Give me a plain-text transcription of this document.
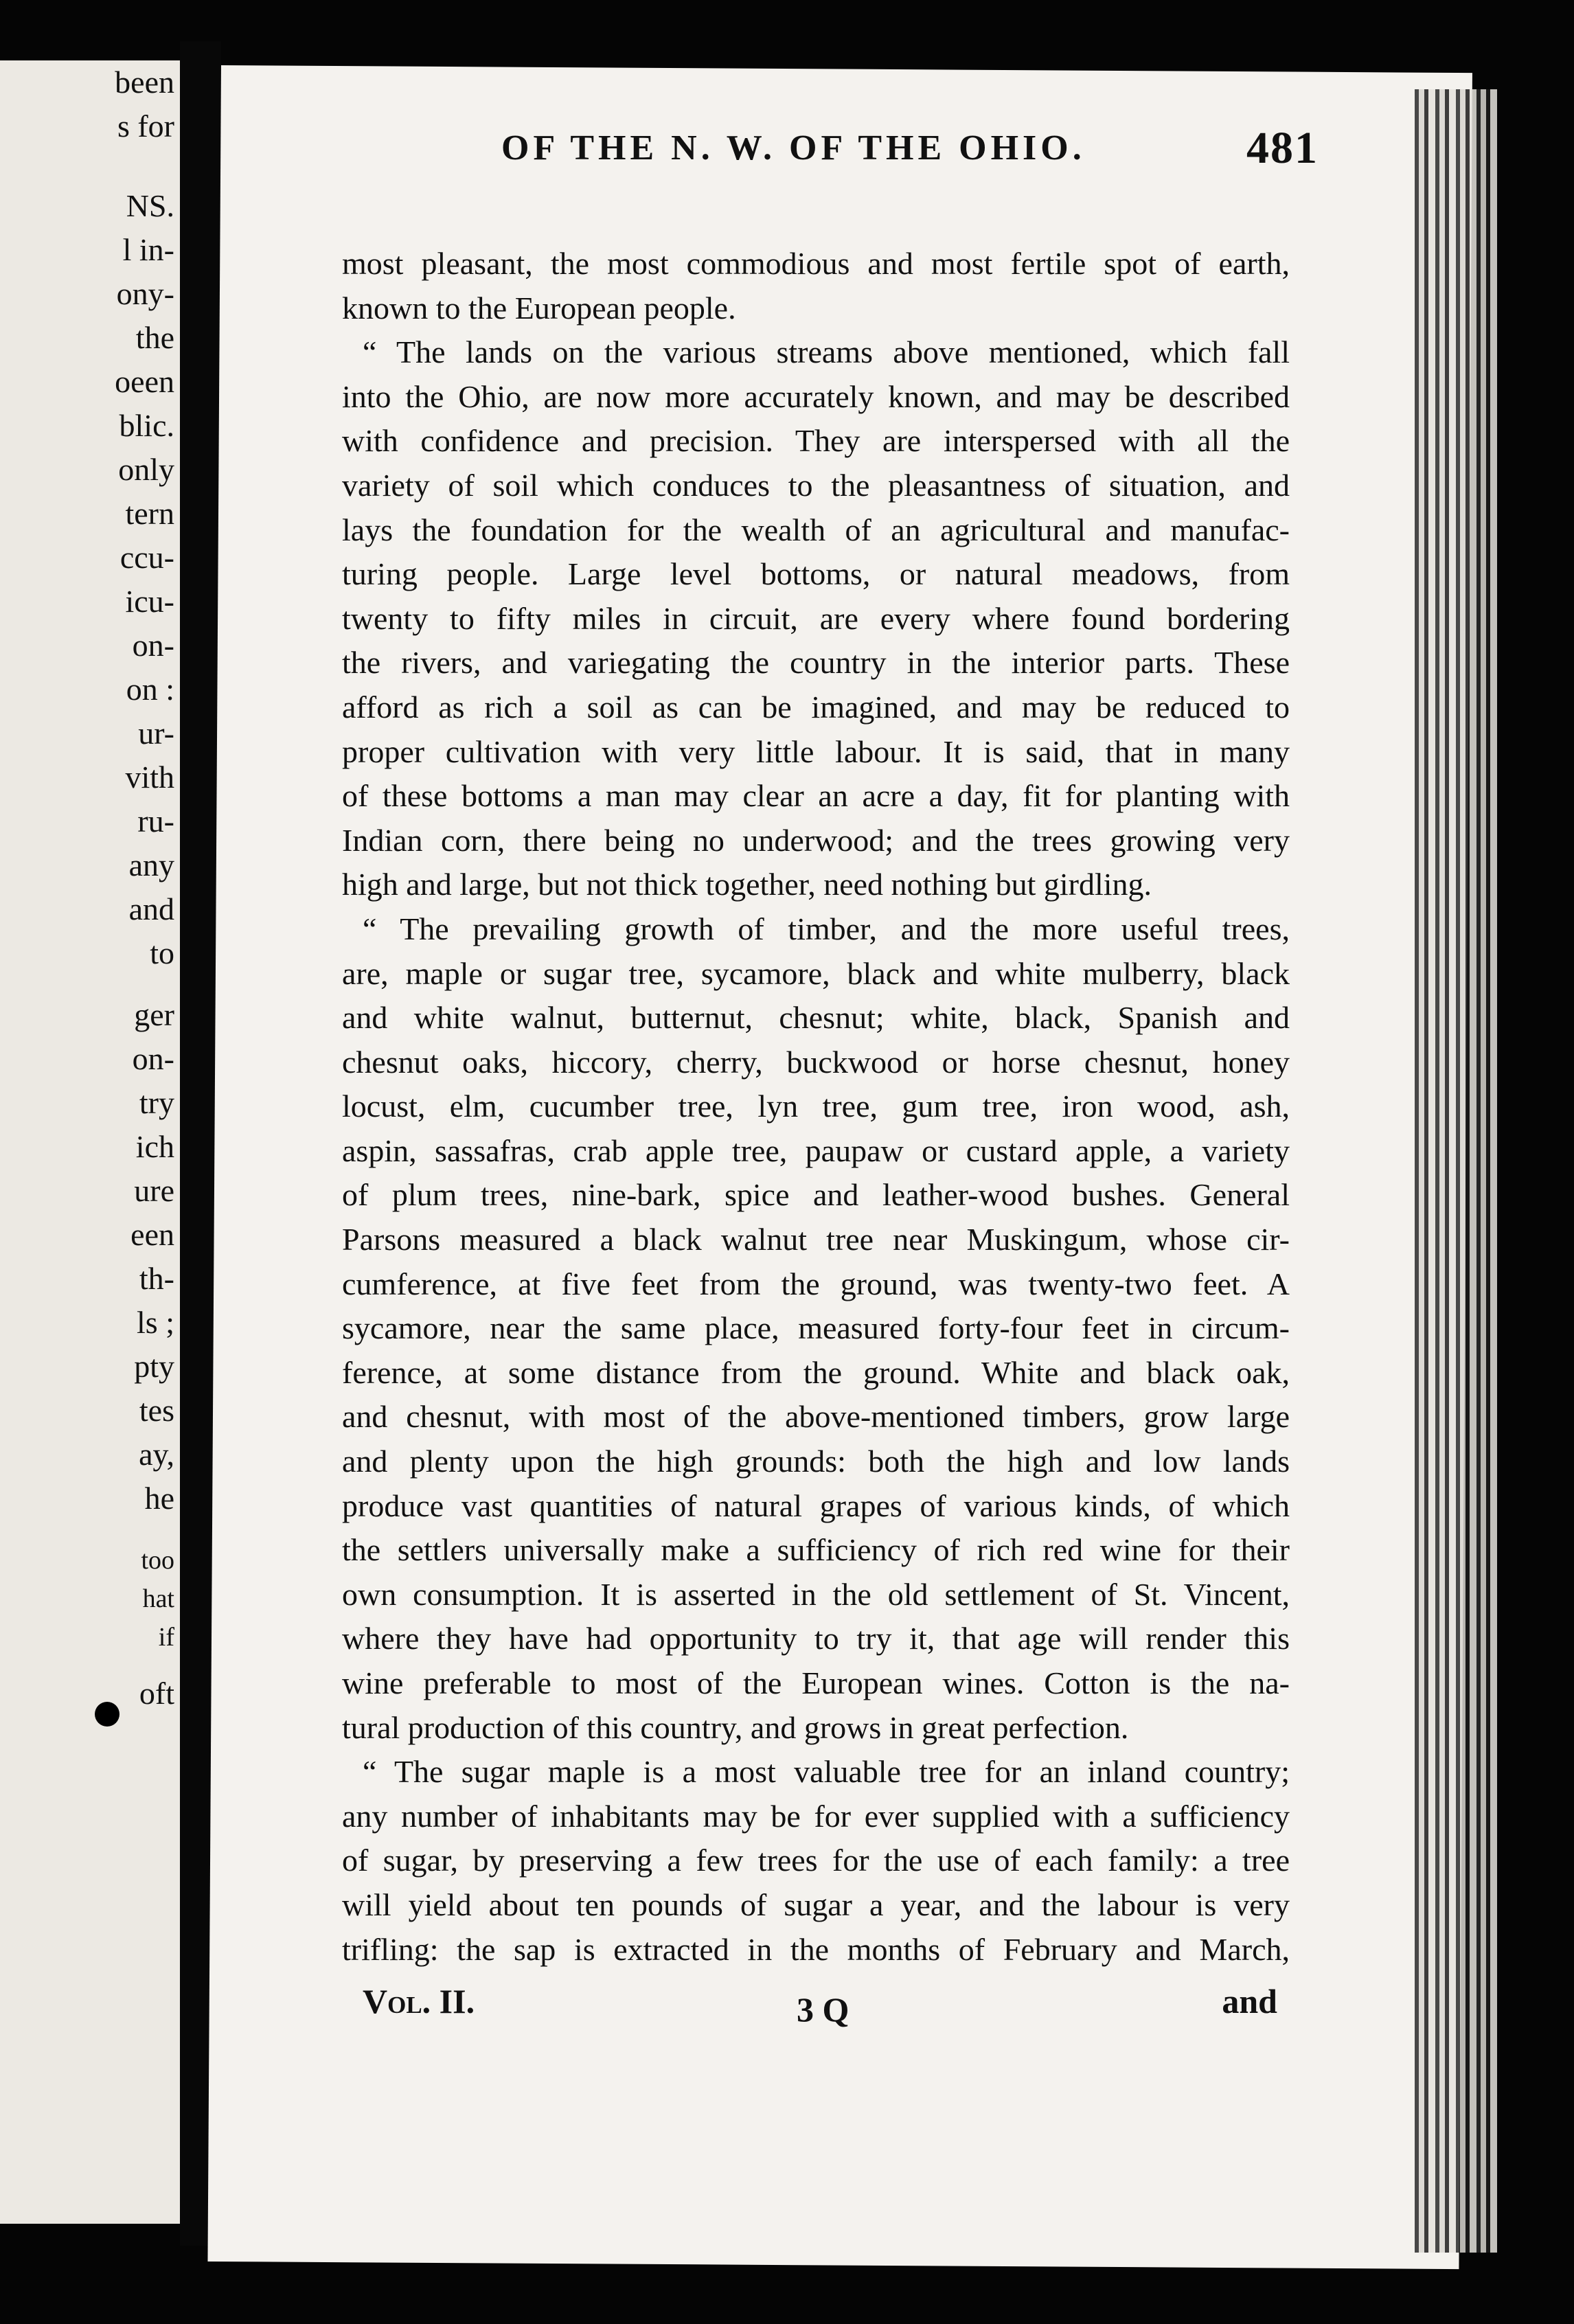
been
s for
NS.
l in-
ony-
the
oeen
blic.
only
tern
ccu-
icu-
on-
on :
ur-
vith
ru-
any
and
to
ger
on-
try
ich
ure
een
th-
ls ;
pty
tes
ay,
he
too
hat
if
oft
OF THE N. W. OF THE OHIO.	481
most pleasant, the most commodious and most fertile spot of earth,
known to the European people.
“ The lands on the various streams above mentioned, which fall
into the Ohio, are now more accurately known, and may be described
with confidence and precision. They are interspersed with all the
variety of soil which conduces to the pleasantness of situation, and
lays the foundation for the wealth of an agricultural and manufac-
turing people. Large level bottoms, or natural meadows, from
twenty to fifty miles in circuit, are every where found bordering
the rivers, and variegating the country in the interior parts. These
afford as rich a soil as can be imagined, and may be reduced to
proper cultivation with very little labour. It is said, that in many
of these bottoms a man may clear an acre a day, fit for planting with
Indian corn, there being no underwood; and the trees growing very
high and large, but not thick together, need nothing but girdling.
“ The prevailing growth of timber, and the more useful trees,
are, maple or sugar tree, sycamore, black and white mulberry, black
and white walnut, butternut, chesnut; white, black, Spanish and
chesnut oaks, hiccory, cherry, buckwood or horse chesnut, honey
locust, elm, cucumber tree, lyn tree, gum tree, iron wood, ash,
aspin, sassafras, crab apple tree, paupaw or custard apple, a variety
of plum trees, nine-bark, spice and leather-wood bushes. General
Parsons measured a black walnut tree near Muskingum, whose cir-
cumference, at five feet from the ground, was twenty-two feet. A
sycamore, near the same place, measured forty-four feet in circum-
ference, at some distance from the ground. White and black oak,
and chesnut, with most of the above-mentioned timbers, grow large
and plenty upon the high grounds: both the high and low lands
produce vast quantities of natural grapes of various kinds, of which
the settlers universally make a sufficiency of rich red wine for their
own consumption. It is asserted in the old settlement of St. Vincent,
where they have had opportunity to try it, that age will render this
wine preferable to most of the European wines. Cotton is the na-
tural production of this country, and grows in great perfection.
“ The sugar maple is a most valuable tree for an inland country;
any number of inhabitants may be for ever supplied with a sufficiency
of sugar, by preserving a few trees for the use of each family: a tree
will yield about ten pounds of sugar a year, and the labour is very
trifling: the sap is extracted in the months of February and March,
Vol. II.	3 Q	and
